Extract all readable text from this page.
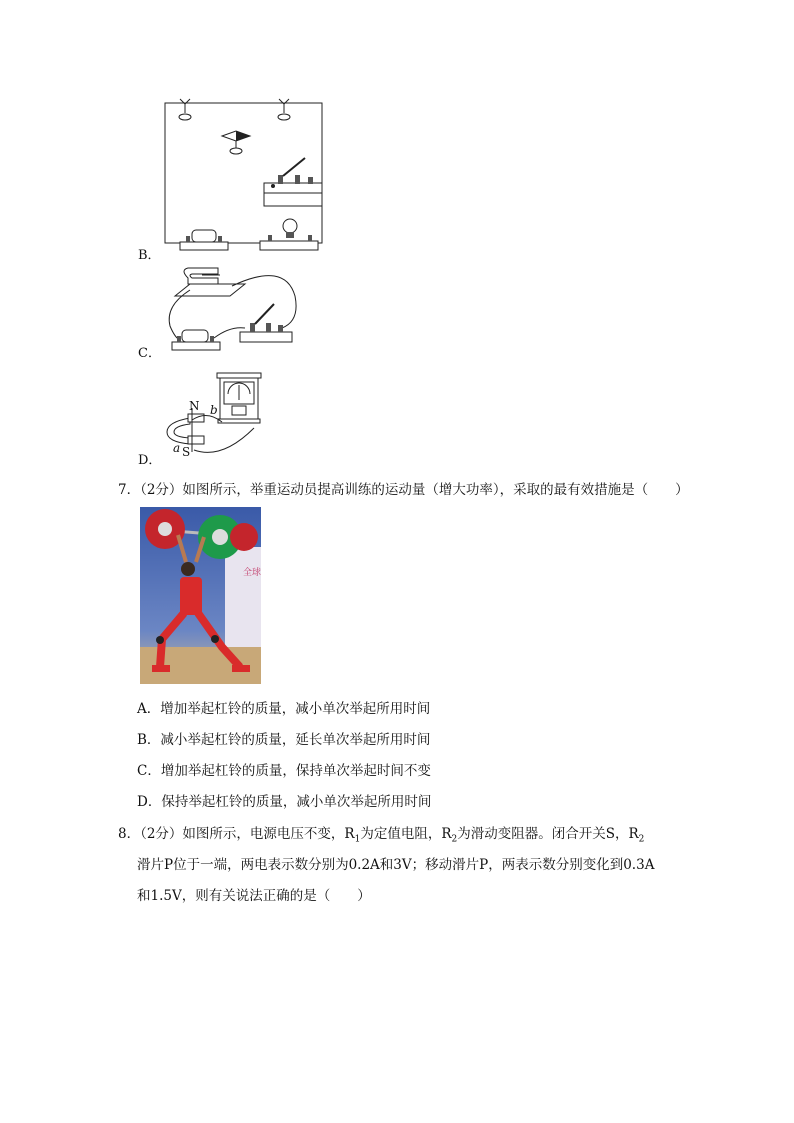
B．
C．
N
S
a
b
D．
7．（2分）如图所示，举重运动员提高训练的运动量（增大功率），采取的最有效措施是（　　）
全球
A．增加举起杠铃的质量，减小单次举起所用时间
B．减小举起杠铃的质量，延长单次举起所用时间
C．增加举起杠铃的质量，保持单次举起时间不变
D．保持举起杠铃的质量，减小单次举起所用时间
8．（2分）如图所示，电源电压不变，$R_1$为定值电阻，$R_2$为滑动变阻器。闭合开关S，$R_2$
滑片P位于一端，两电表示数分别为0.2A和3V；移动滑片P，两表示数分别变化到0.3A
和1.5V，则有关说法正确的是（　　）
